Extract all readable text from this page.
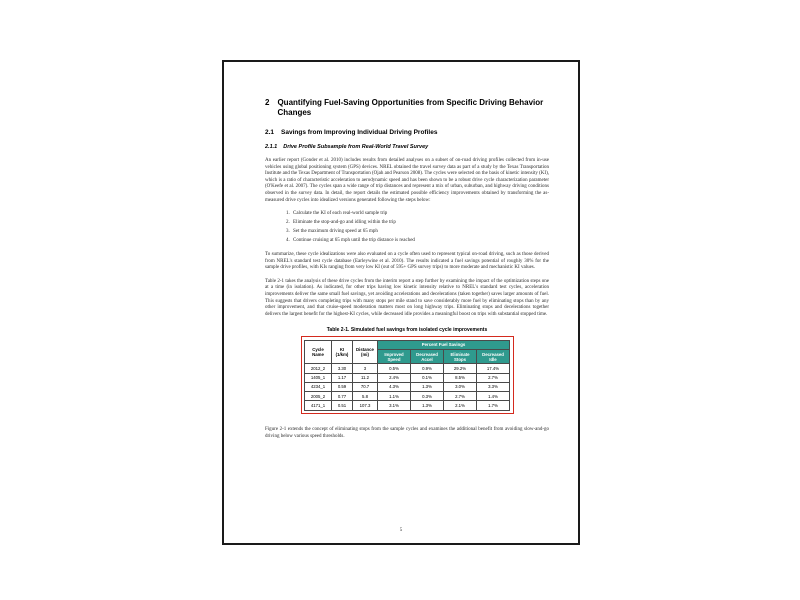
2 Quantifying Fuel-Saving Opportunities from Specific Driving Behavior Changes
2.1 Savings from Improving Individual Driving Profiles
2.1.1 Drive Profile Subsample from Real-World Travel Survey

An earlier report (Gonder et al. 2010) includes results from detailed analyses on a subset of on-road driving profiles collected from in-use vehicles using global positioning system (GPS) devices. NREL obtained the travel survey data as part of a study by the Texas Transportation Institute and the Texas Department of Transportation (Ojah and Pearson 2008). The cycles were selected on the basis of kinetic intensity (KI), which is a ratio of characteristic acceleration to aerodynamic speed and has been shown to be a robust drive cycle characterization parameter (O'Keefe et al. 2007). The cycles span a wide range of trip distances and represent a mix of urban, suburban, and highway driving conditions observed in the survey data. In detail, the report details the estimated possible efficiency improvements obtained by transforming the as-measured drive cycles into idealized versions generated following the steps below:

1. Calculate the KI of each real-world sample trip
2. Eliminate the stop-and-go and idling within the trip
3. Set the maximum driving speed at 65 mph
4. Continue cruising at 65 mph until the trip distance is reached

To summarize, these cycle idealizations were also evaluated on a cycle often used to represent typical on-road driving, such as those derived from NREL's standard test cycle database (Earleywine et al. 2010). The results indicated a fuel savings potential of roughly 30% for the sample drive profiles, with KIs ranging from very low KI (out of 595+ GPS survey trips) to more moderate and mechanistic KI values.

Table 2-1 takes the analysis of these drive cycles from the interim report a step further by examining the impact of the optimization steps one at a time (in isolation). As indicated, for other trips having low kinetic intensity relative to NREL's standard test cycles, acceleration improvements deliver the same small fuel savings, yet avoiding accelerations and decelerations (taken together) saves larger amounts of fuel. This suggests that drivers completing trips with many stops per mile stand to save considerably more fuel by eliminating stops than by any other improvement, and that cruise-speed moderation matters most on long highway trips. Eliminating stops and decelerations together delivers the largest benefit for the highest-KI cycles, while decreased idle provides a meaningful boost on trips with substantial stopped time.

Table 2-1. Simulated fuel savings from isolated cycle improvements
Cycle Name	KI (1/km)	Distance (mi)	Percent Fuel Savings			
			Improved Speed	Decreased Accel	Eliminate Stops	Decreased Idle
2012_2	3.30	3	0.5%	0.9%	29.2%	17.4%
1405_1	1.17	11.2	2.4%	0.1%	8.5%	2.7%
4234_1	0.59	70.7	4.3%	1.3%	3.0%	3.3%
2005_2	0.77	5.8	1.1%	0.3%	2.7%	1.4%
4171_1	0.51	107.3	3.1%	1.3%	2.1%	1.7%

Figure 2-1 extends the concept of eliminating stops from the sample cycles and examines the additional benefit from avoiding slow-and-go driving below various speed thresholds.

5
